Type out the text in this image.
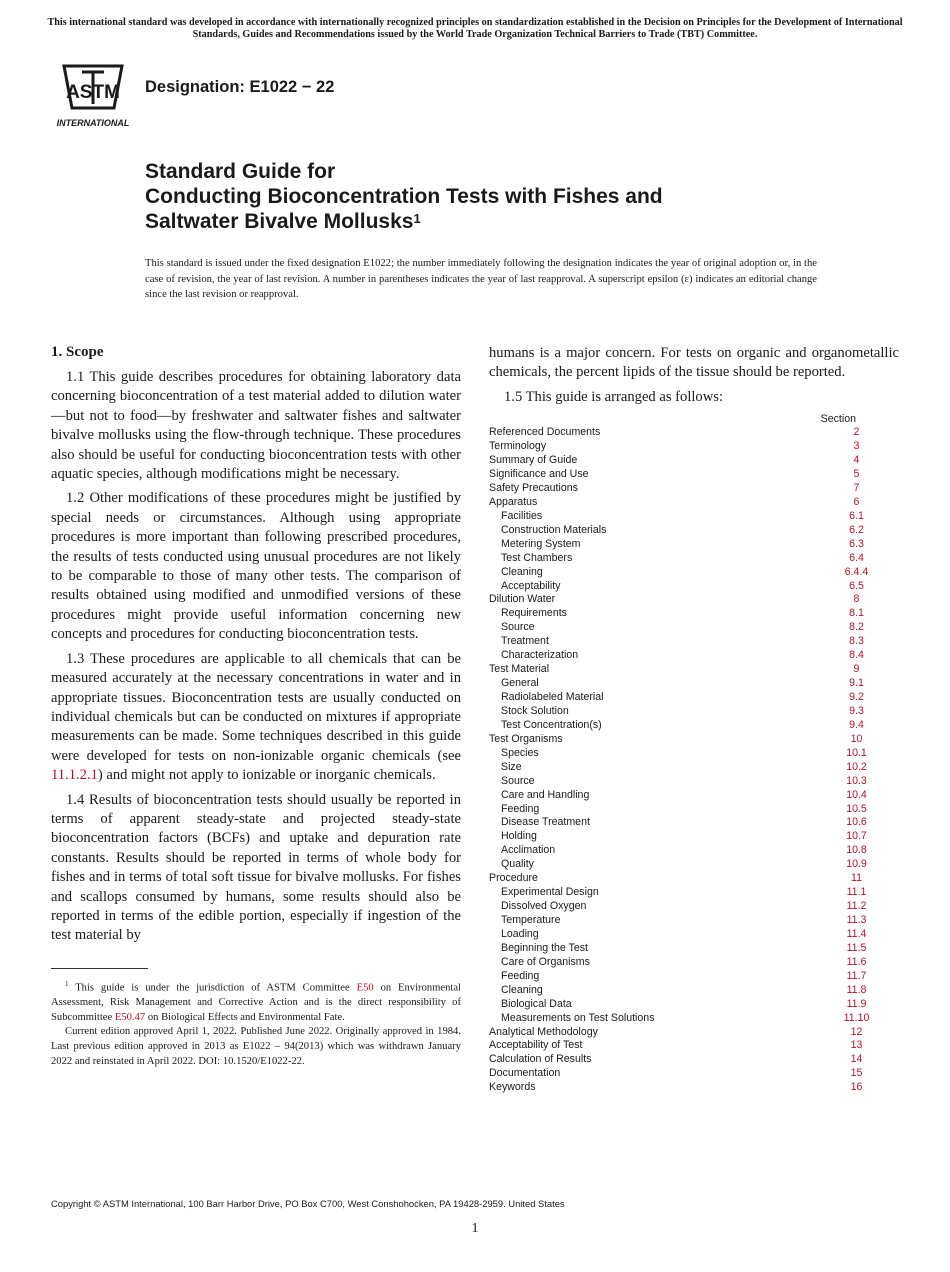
This international standard was developed in accordance with internationally recognized principles on standardization established in the Decision on Principles for the Development of International Standards, Guides and Recommendations issued by the World Trade Organization Technical Barriers to Trade (TBT) Committee.
ASTM
INTERNATIONAL
Designation: E1022 − 22
Standard Guide for
Conducting Bioconcentration Tests with Fishes and
Saltwater Bivalve Mollusks$^1$
This standard is issued under the fixed designation E1022; the number immediately following the designation indicates the year of original adoption or, in the case of revision, the year of last revision. A number in parentheses indicates the year of last reapproval. A superscript epsilon (ε) indicates an editorial change since the last revision or reapproval.
1. Scope

1.1 This guide describes procedures for obtaining laboratory data concerning bioconcentration of a test material added to dilution water—but not to food—by freshwater and saltwater fishes and saltwater bivalve mollusks using the flow-through technique. These procedures also should be useful for conducting bioconcentration tests with other aquatic species, although modifications might be necessary.

1.2 Other modifications of these procedures might be justified by special needs or circumstances. Although using appropriate procedures is more important than following prescribed procedures, the results of tests conducted using unusual procedures are not likely to be comparable to those of many other tests. The comparison of results obtained using modified and unmodified versions of these procedures might provide useful information concerning new concepts and procedures for conducting bioconcentration tests.

1.3 These procedures are applicable to all chemicals that can be measured accurately at the necessary concentrations in water and in appropriate tissues. Bioconcentration tests are usually conducted on individual chemicals but can be conducted on mixtures if appropriate measurements can be made. Some techniques described in this guide were developed for tests on non-ionizable organic chemicals (see 11.1.2.1) and might not apply to ionizable or inorganic chemicals.

1.4 Results of bioconcentration tests should usually be reported in terms of apparent steady-state and projected steady-state bioconcentration factors (BCFs) and uptake and depuration rate constants. Results should be reported in terms of whole body for fishes and in terms of total soft tissue for bivalve mollusks. For fishes and scallops consumed by humans, some results should also be reported in terms of the edible portion, especially if ingestion of the test material by

$^1$ This guide is under the jurisdiction of ASTM Committee E50 on Environmental Assessment, Risk Management and Corrective Action and is the direct responsibility of Subcommittee E50.47 on Biological Effects and Environmental Fate.

Current edition approved April 1, 2022. Published June 2022. Originally approved in 1984. Last previous edition approved in 2013 as E1022 – 94(2013) which was withdrawn January 2022 and reinstated in April 2022. DOI: 10.1520/E1022-22.

humans is a major concern. For tests on organic and organometallic chemicals, the percent lipids of the tissue should be reported.

1.5 This guide is arranged as follows:

Section
Referenced Documents	2
Terminology	3
Summary of Guide	4
Significance and Use	5
Safety Precautions	7
Apparatus	6
Facilities	6.1
Construction Materials	6.2
Metering System	6.3
Test Chambers	6.4
Cleaning	6.4.4
Acceptability	6.5
Dilution Water	8
Requirements	8.1
Source	8.2
Treatment	8.3
Characterization	8.4
Test Material	9
General	9.1
Radiolabeled Material	9.2
Stock Solution	9.3
Test Concentration(s)	9.4
Test Organisms	10
Species	10.1
Size	10.2
Source	10.3
Care and Handling	10.4
Feeding	10.5
Disease Treatment	10.6
Holding	10.7
Acclimation	10.8
Quality	10.9
Procedure	11
Experimental Design	11.1
Dissolved Oxygen	11.2
Temperature	11.3
Loading	11.4
Beginning the Test	11.5
Care of Organisms	11.6
Feeding	11.7
Cleaning	11.8
Biological Data	11.9
Measurements on Test Solutions	11.10
Analytical Methodology	12
Acceptability of Test	13
Calculation of Results	14
Documentation	15
Keywords	16
Copyright © ASTM International, 100 Barr Harbor Drive, PO Box C700, West Conshohocken, PA 19428-2959. United States
1
